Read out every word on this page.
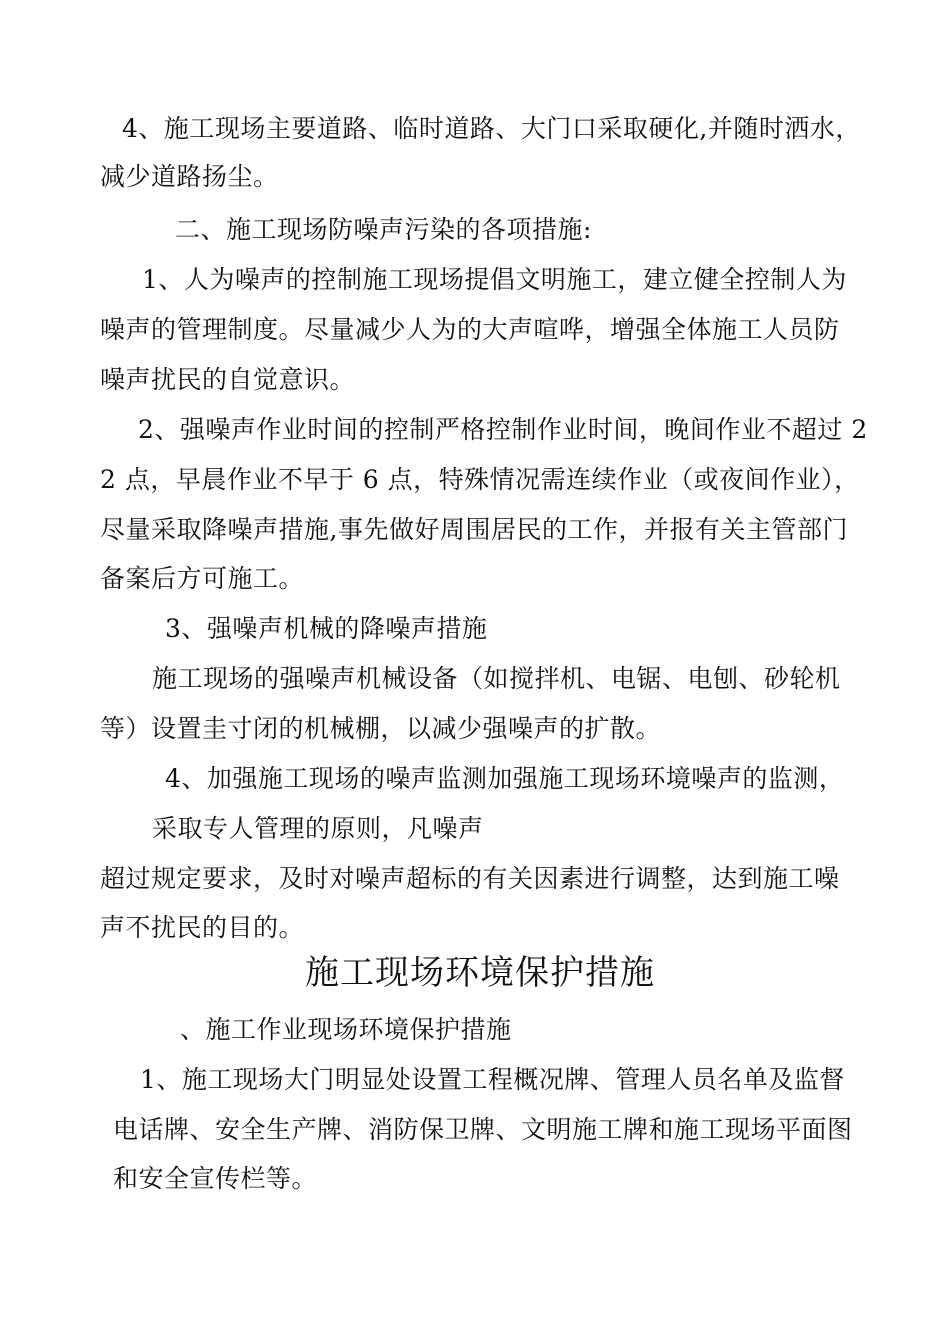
4、施工现场主要道路、临时道路、大门口采取硬化,并随时洒水，
减少道路扬尘。
二、施工现场防噪声污染的各项措施:
1、人为噪声的控制施工现场提倡文明施工，建立健全控制人为
噪声的管理制度。尽量减少人为的大声喧哗，增强全体施工人员防
噪声扰民的自觉意识。
2、强噪声作业时间的控制严格控制作业时间，晚间作业不超过 2
2 点，早晨作业不早于 6 点，特殊情况需连续作业（或夜间作业），
尽量采取降噪声措施,事先做好周围居民的工作，并报有关主管部门
备案后方可施工。
3、强噪声机械的降噪声措施
施工现场的强噪声机械设备（如搅拌机、电锯、电刨、砂轮机
等）设置圭寸闭的机械棚，以减少强噪声的扩散。
4、加强施工现场的噪声监测加强施工现场环境噪声的监测，
采取专人管理的原则，凡噪声
超过规定要求，及时对噪声超标的有关因素进行调整，达到施工噪
声不扰民的目的。
施工现场环境保护措施
、施工作业现场环境保护措施
1、施工现场大门明显处设置工程概况牌、管理人员名单及监督
电话牌、安全生产牌、消防保卫牌、文明施工牌和施工现场平面图
和安全宣传栏等。
